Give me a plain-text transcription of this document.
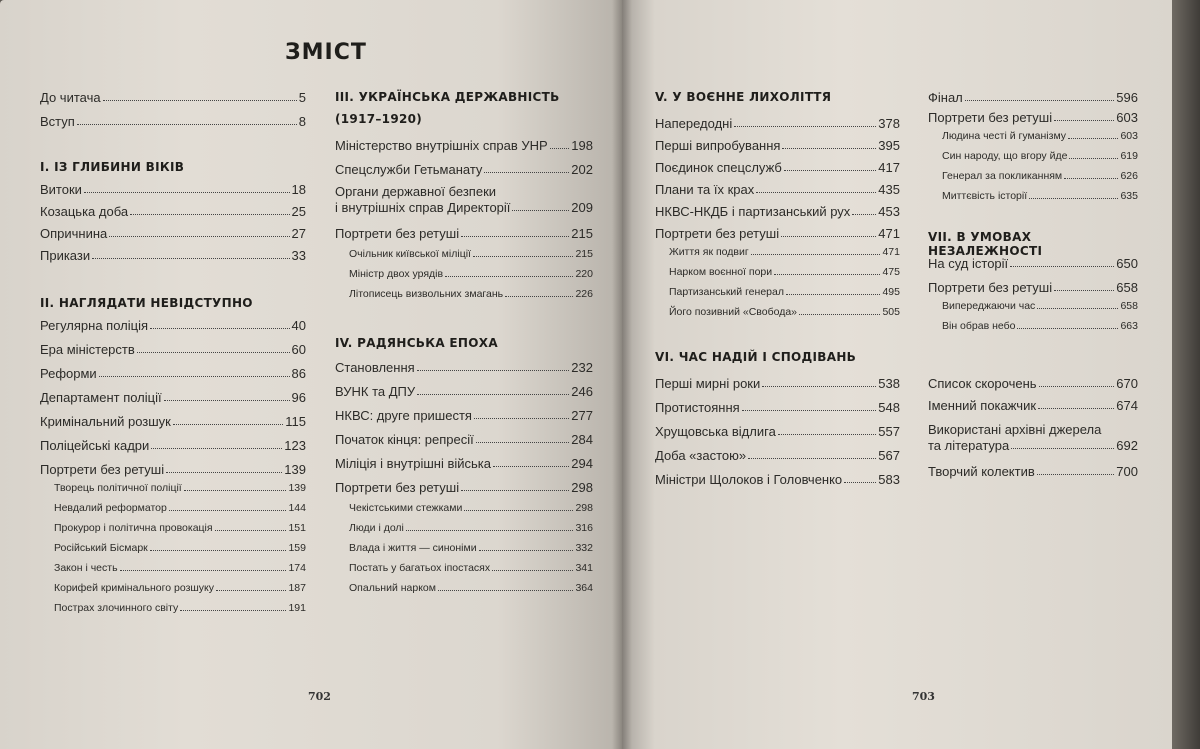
ЗМІСТ
До читача	5
Вступ	8
І. ІЗ ГЛИБИНИ ВІКІВ
Витоки	18
Козацька доба	25
Опричнина	27
Прикази	33
ІІ. НАГЛЯДАТИ НЕВІДСТУПНО
Регулярна поліція	40
Ера міністерств	60
Реформи	86
Департамент поліції	96
Кримінальний розшук	115
Поліцейські кадри	123
Портрети без ретуші	139
Творець політичної поліції	139
Невдалий реформатор	144
Прокурор і політична провокація	151
Російський Бісмарк	159
Закон і честь	174
Корифей кримінального розшуку	187
Пострах злочинного світу	191
ІІІ. УКРАЇНСЬКА ДЕРЖАВНІСТЬ
(1917–1920)
Міністерство внутрішніх справ УНР 198
Спецслужби Гетьманату	202
Органи державної безпеки
і внутрішніх справ Директорії	209
Портрети без ретуші	215
Очільник київської міліції	215
Міністр двох урядів	220
Літописець визвольних змагань	226
IV. РАДЯНСЬКА ЕПОХА
Становлення	232
ВУНК та ДПУ	246
НКВС: друге пришестя	277
Початок кінця: репресії	284
Міліція і внутрішні війська	294
Портрети без ретуші	298
Чекістськими стежками	298
Люди і долі	316
Влада і життя — синоніми	332
Постать у багатьох іпостасях	341
Опальний нарком	364
V. У ВОЄННЕ ЛИХОЛІТТЯ
Напередодні	378
Перші випробування	395
Поєдинок спецслужб	417
Плани та їх крах	435
НКВС-НКДБ і партизанський рух 453
Портрети без ретуші	471
Життя як подвиг	471
Нарком воєнної пори	475
Партизанський генерал	495
Його позивний «Свобода»	505
VI. ЧАС НАДІЙ І СПОДІВАНЬ
Перші мирні роки	538
Протистояння	548
Хрущовська відлига	557
Доба «застою»	567
Міністри Щолоков і Головченко	583
Фінал	596
Портрети без ретуші	603
Людина честі й гуманізму	603
Син народу, що вгору йде	619
Генерал за покликанням	626
Миттєвість історії	635
VII. В УМОВАХ НЕЗАЛЕЖНОСТІ
На суд історії	650
Портрети без ретуші	658
Випереджаючи час	658
Він обрав небо	663
Список скорочень	670
Іменний покажчик	674
Використані архівні джерела
та література	692
Творчий колектив	700
702	703
